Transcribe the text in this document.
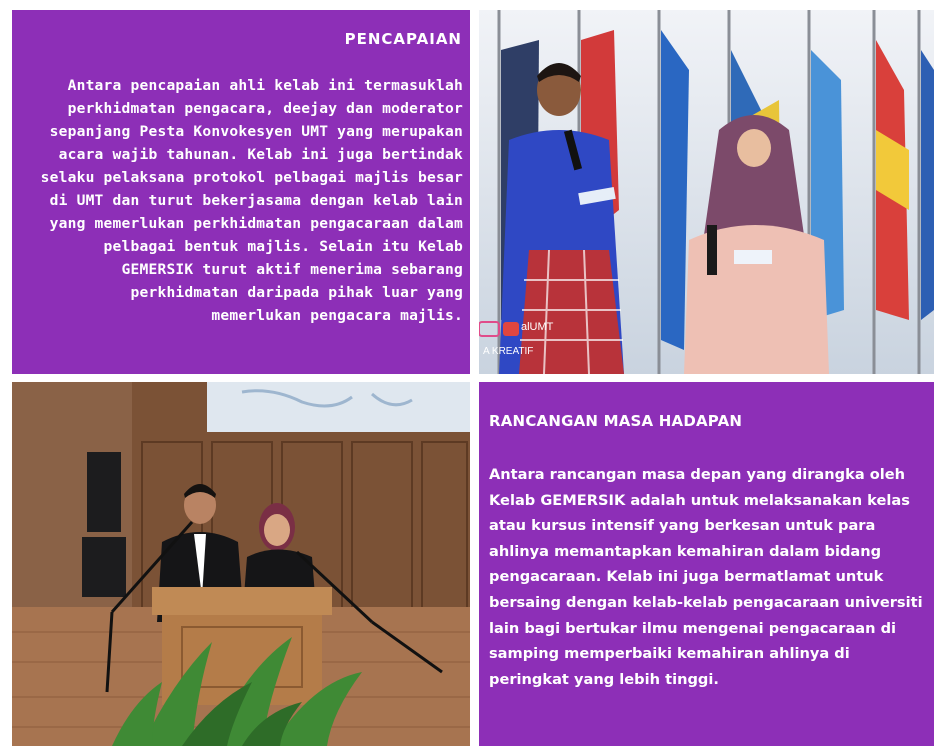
PENCAPAIAN
Antara pencapaian ahli kelab ini termasuklah perkhidmatan pengacara, deejay dan moderator sepanjang Pesta Konvokesyen UMT yang merupakan acara wajib tahunan. Kelab ini juga bertindak selaku pelaksana protokol pelbagai majlis besar di UMT dan turut bekerjasama dengan kelab lain yang memerlukan perkhidmatan pengacaraan dalam pelbagai bentuk majlis. Selain itu Kelab GEMERSIK turut aktif menerima sebarang perkhidmatan daripada pihak luar yang memerlukan pengacara majlis.
alUMT
A KREATIF
RANCANGAN MASA HADAPAN
Antara rancangan masa depan yang dirangka oleh Kelab GEMERSIK adalah untuk melaksanakan kelas atau kursus intensif yang berkesan untuk para ahlinya memantapkan kemahiran dalam bidang pengacaraan. Kelab ini juga bermatlamat untuk bersaing dengan kelab-kelab pengacaraan universiti lain bagi bertukar ilmu mengenai pengacaraan di samping memperbaiki kemahiran ahlinya di peringkat yang lebih tinggi.
